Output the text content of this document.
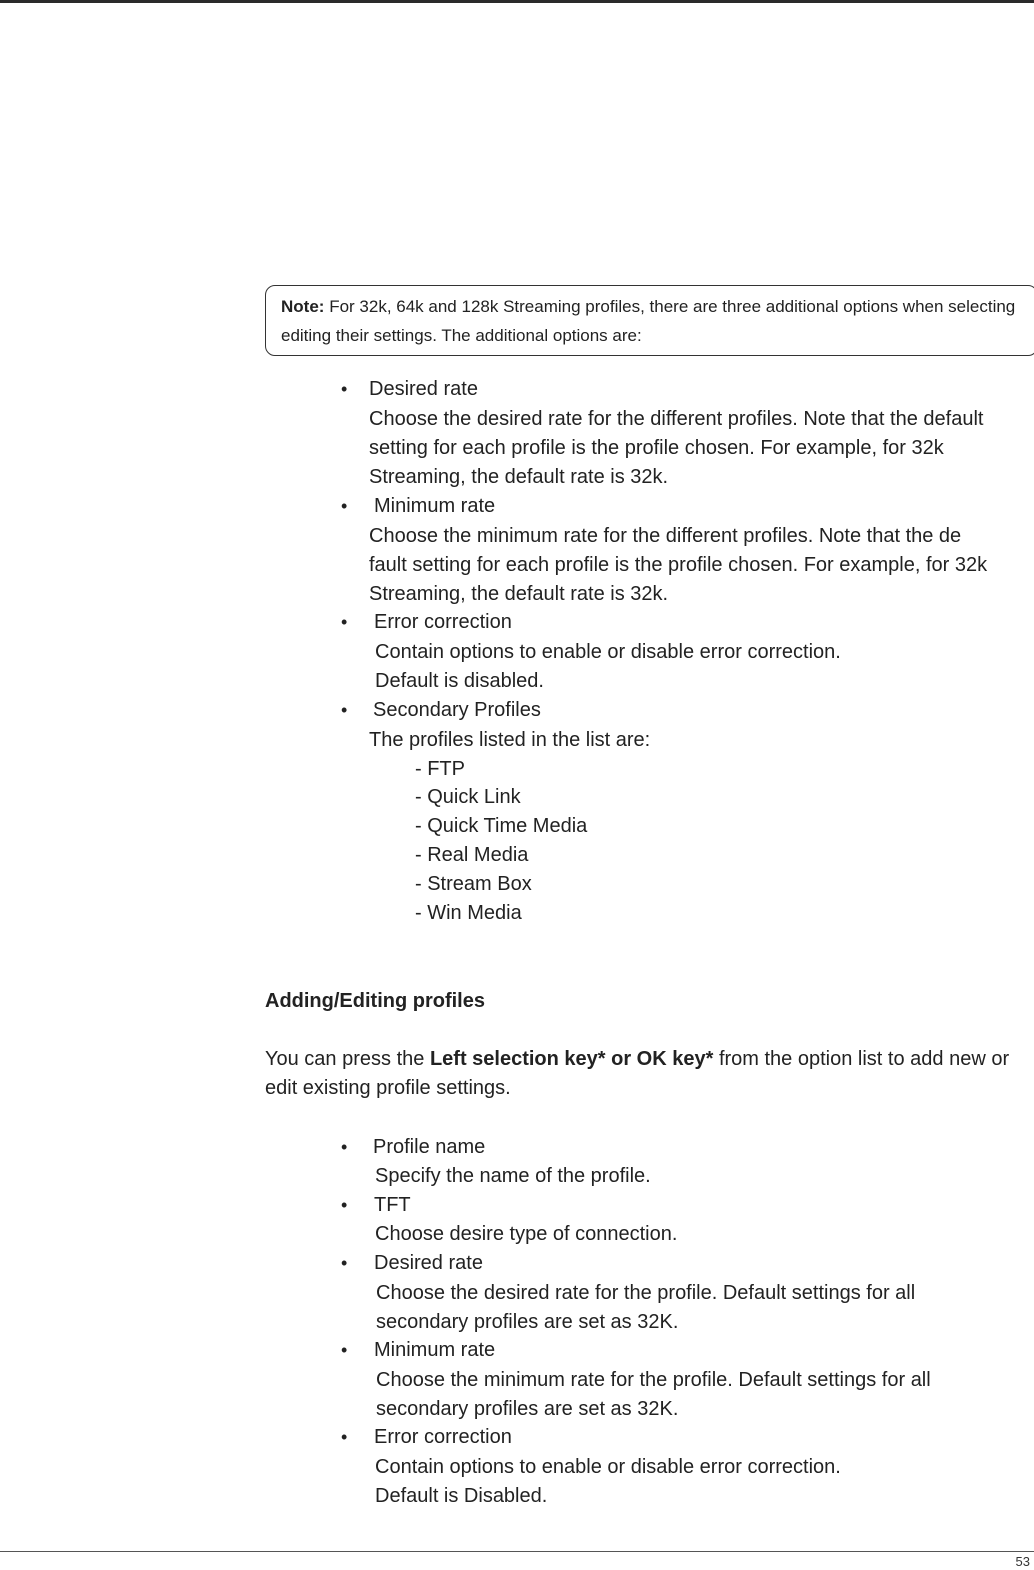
Note: For 32k, 64k and 128k Streaming profiles, there are three additional options when selecting editing their settings. The additional options are:
• Desired rate
Choose the desired rate for the different profiles. Note that the default
setting for each profile is the profile chosen. For example, for 32k
Streaming, the default rate is 32k.
• Minimum rate
Choose the minimum rate for the different profiles. Note that the de
fault setting for each profile is the profile chosen. For example, for 32k
Streaming, the default rate is 32k.
• Error correction
Contain options to enable or disable error correction.
Default is disabled.
• Secondary Profiles
The profiles listed in the list are:
- FTP
- Quick Link
- Quick Time Media
- Real Media
- Stream Box
- Win Media
Adding/Editing profiles
You can press the Left selection key* or OK key* from the option list to add new or edit existing profile settings.
• Profile name
Specify the name of the profile.
• TFT
Choose desire type of connection.
• Desired rate
Choose the desired rate for the profile. Default settings for all
secondary profiles are set as 32K.
• Minimum rate
Choose the minimum rate for the profile. Default settings for all
secondary profiles are set as 32K.
• Error correction
Contain options to enable or disable error correction.
Default is Disabled.
53
